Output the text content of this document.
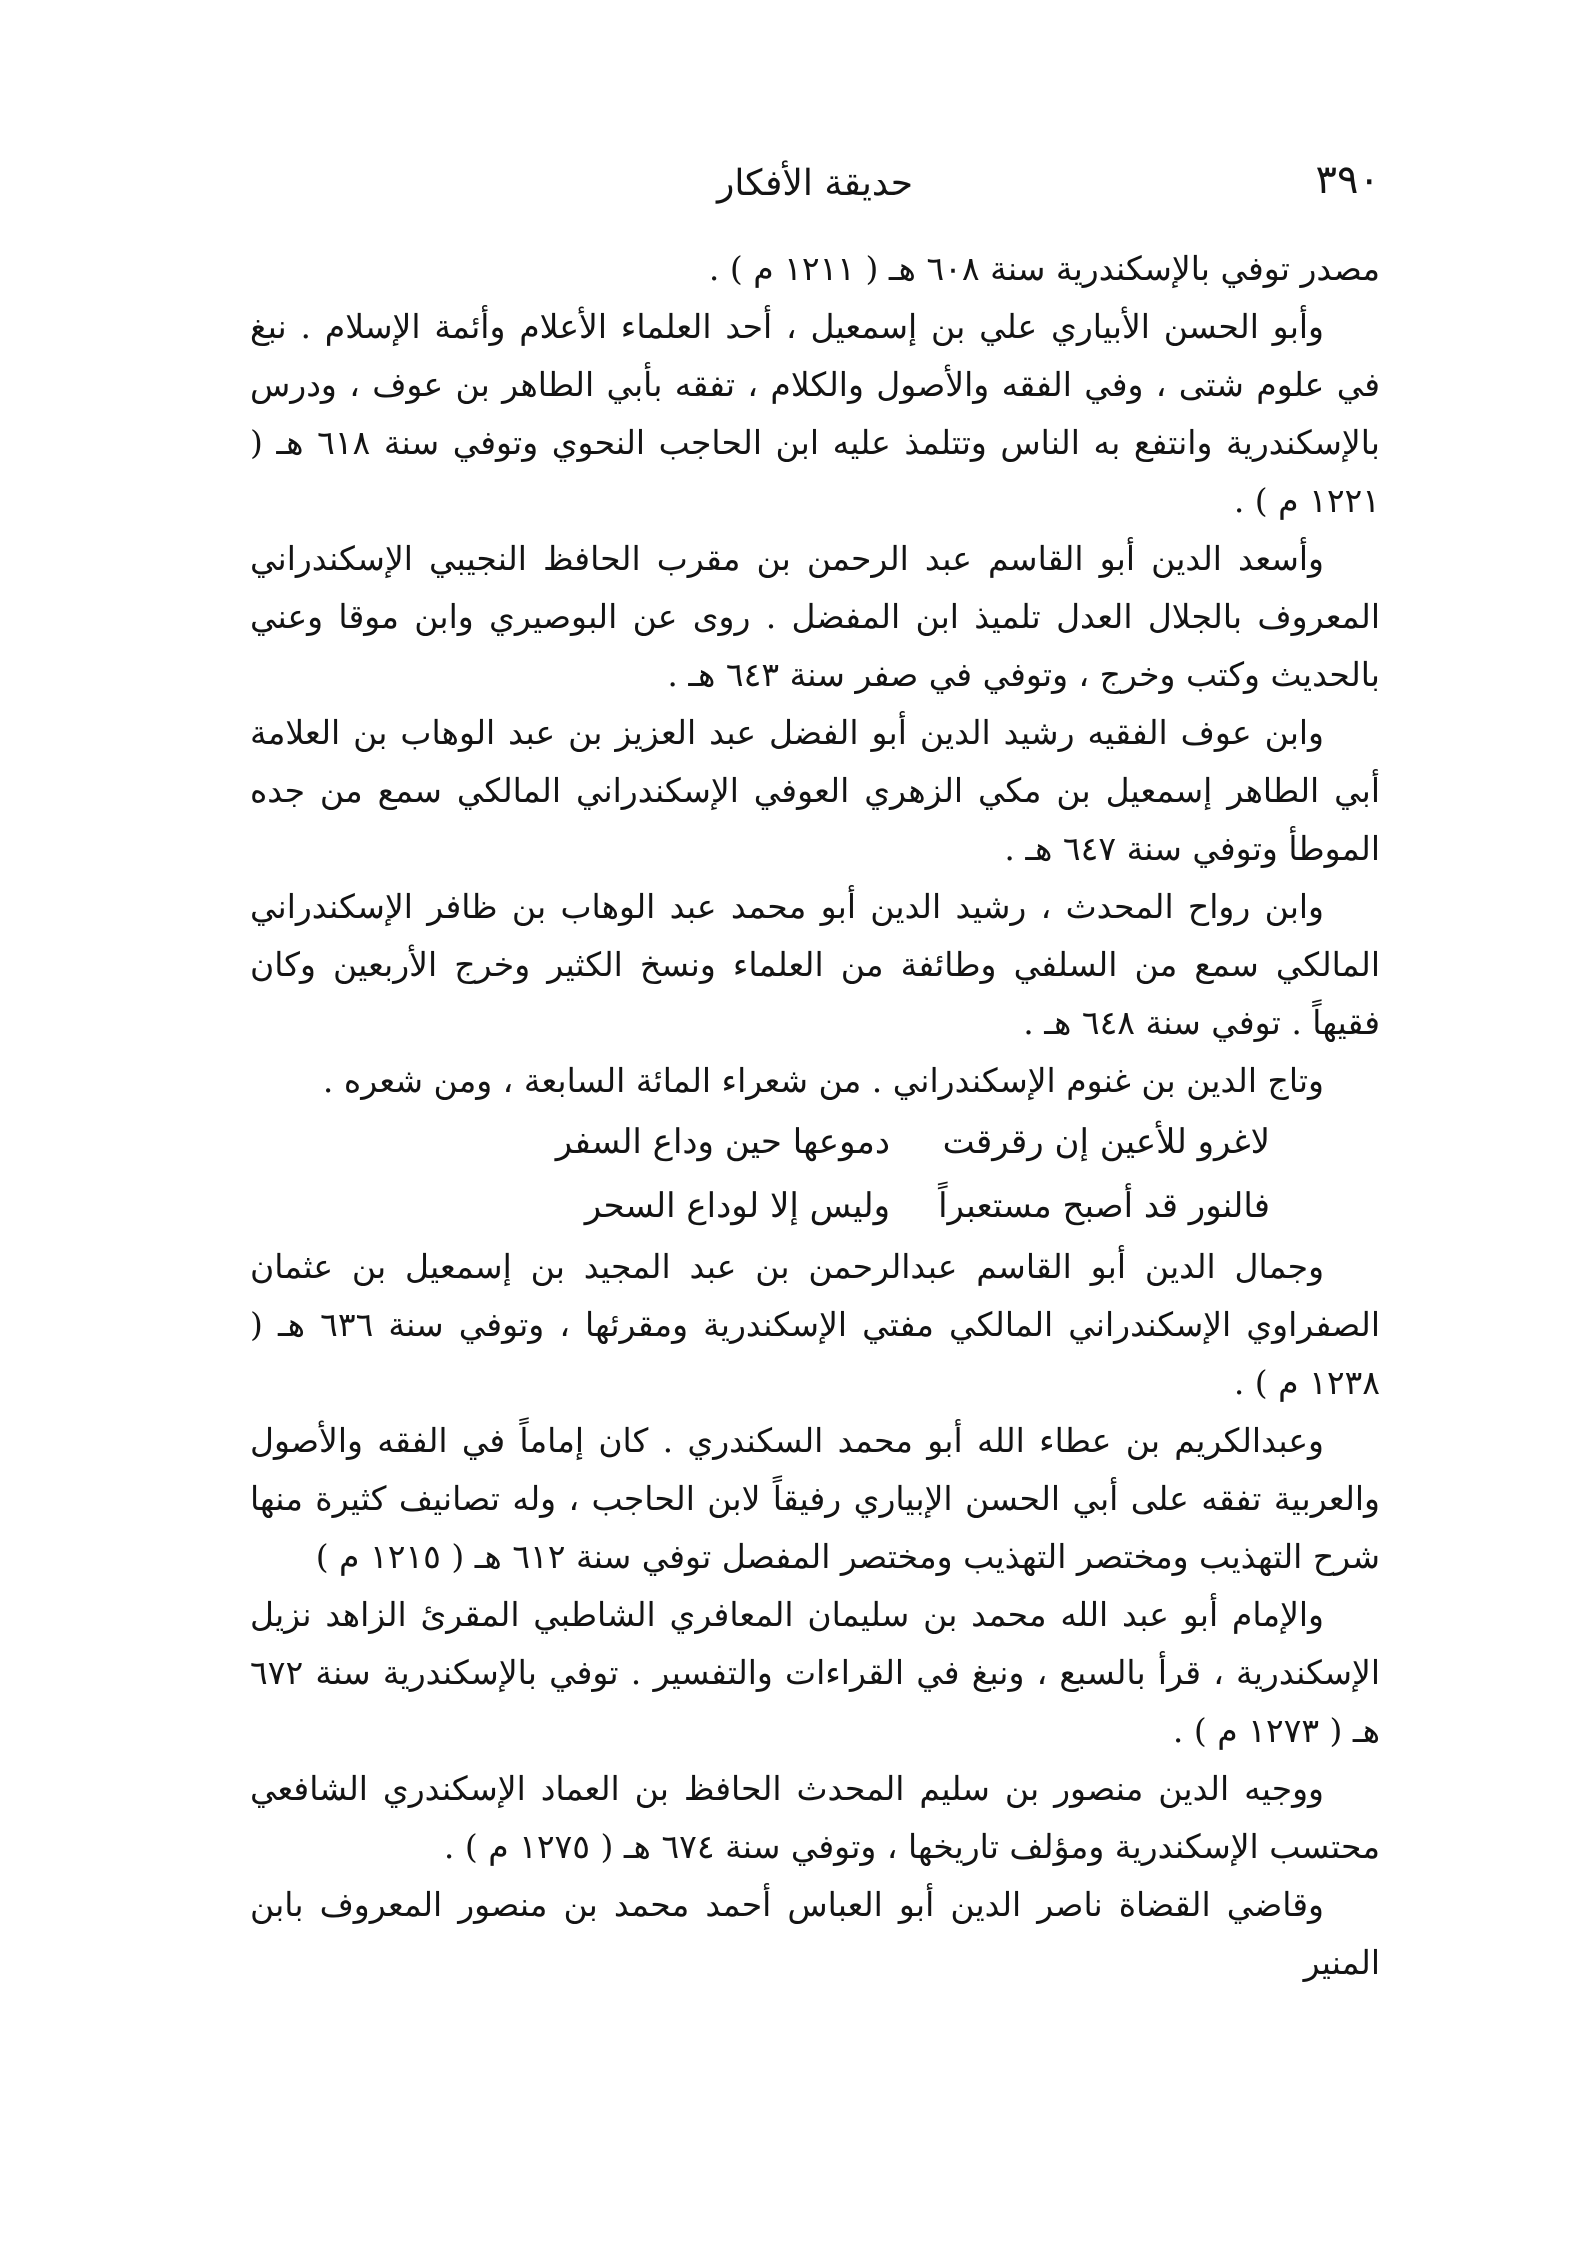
٣٩٠
حديقة الأفكار

مصدر توفي بالإسكندرية سنة ٦٠٨ هـ ( ١٢١١ م ) .

وأبو الحسن الأبياري علي بن إسمعيل ، أحد العلماء الأعلام وأئمة الإسلام . نبغ في علوم شتى ، وفي الفقه والأصول والكلام ، تفقه بأبي الطاهر بن عوف ، ودرس بالإسكندرية وانتفع به الناس وتتلمذ عليه ابن الحاجب النحوي وتوفي سنة ٦١٨ هـ ( ١٢٢١ م ) .

وأسعد الدين أبو القاسم عبد الرحمن بن مقرب الحافظ النجيبي الإسكندراني المعروف بالجلال العدل تلميذ ابن المفضل . روى عن البوصيري وابن موقا وعني بالحديث وكتب وخرج ، وتوفي في صفر سنة ٦٤٣ هـ .

وابن عوف الفقيه رشيد الدين أبو الفضل عبد العزيز بن عبد الوهاب بن العلامة أبي الطاهر إسمعيل بن مكي الزهري العوفي الإسكندراني المالكي سمع من جده الموطأ وتوفي سنة ٦٤٧ هـ .

وابن رواح المحدث ، رشيد الدين أبو محمد عبد الوهاب بن ظافر الإسكندراني المالكي سمع من السلفي وطائفة من العلماء ونسخ الكثير وخرج الأربعين وكان فقيهاً . توفي سنة ٦٤٨ هـ .

وتاج الدين بن غنوم الإسكندراني . من شعراء المائة السابعة ، ومن شعره .

لاغرو للأعين إن رقرقت
دموعها حين وداع السفر
فالنور قد أصبح مستعبراً
وليس إلا لوداع السحر

وجمال الدين أبو القاسم عبدالرحمن بن عبد المجيد بن إسمعيل بن عثمان الصفراوي الإسكندراني المالكي مفتي الإسكندرية ومقرئها ، وتوفي سنة ٦٣٦ هـ ( ١٢٣٨ م ) .

وعبدالكريم بن عطاء الله أبو محمد السكندري . كان إماماً في الفقه والأصول والعربية تفقه على أبي الحسن الإبياري رفيقاً لابن الحاجب ، وله تصانيف كثيرة منها شرح التهذيب ومختصر التهذيب ومختصر المفصل توفي سنة ٦١٢ هـ ( ١٢١٥ م )

والإمام أبو عبد الله محمد بن سليمان المعافري الشاطبي المقرئ الزاهد نزيل الإسكندرية ، قرأ بالسبع ، ونبغ في القراءات والتفسير . توفي بالإسكندرية سنة ٦٧٢ هـ ( ١٢٧٣ م ) .

ووجيه الدين منصور بن سليم المحدث الحافظ بن العماد الإسكندري الشافعي محتسب الإسكندرية ومؤلف تاريخها ، وتوفي سنة ٦٧٤ هـ ( ١٢٧٥ م ) .

وقاضي القضاة ناصر الدين أبو العباس أحمد محمد بن منصور المعروف بابن المنير
